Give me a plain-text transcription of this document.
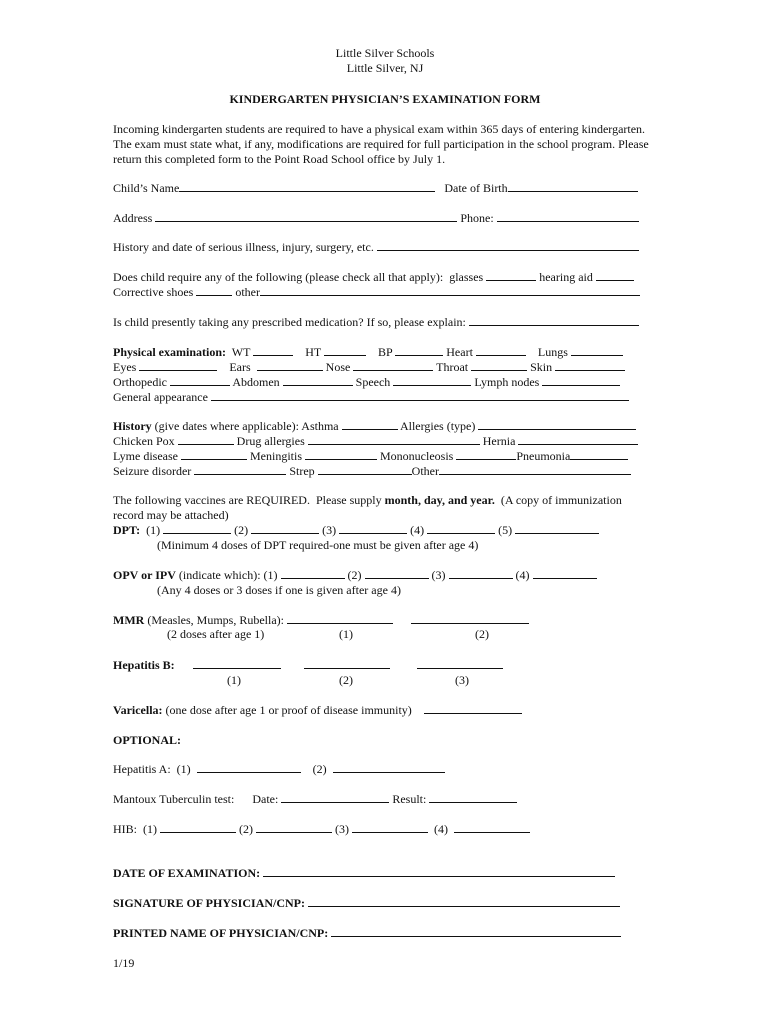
Little Silver Schools
Little Silver, NJ
KINDERGARTEN PHYSICIAN’S EXAMINATION FORM
Incoming kindergarten students are required to have a physical exam within 365 days of entering kindergarten. The exam must state what, if any, modifications are required for full participation in the school program. Please return this completed form to the Point Road School office by July 1.
Child’s Name	Date of Birth
Address	Phone:
History and date of serious illness, injury, surgery, etc.
Does child require any of the following (please check all that apply):  glasses	hearing aid
Corrective shoes	other
Is child presently taking any prescribed medication? If so, please explain:
Physical examination: WT	HT	BP	Heart	Lungs
Eyes	Ears	Nose	Throat	Skin
Orthopedic	Abdomen	Speech	Lymph nodes
General appearance
History (give dates where applicable): Asthma	Allergies (type)
Chicken Pox	Drug allergies	Hernia
Lyme disease	Meningitis	Mononucleosis	Pneumonia
Seizure disorder	Strep	Other
The following vaccines are REQUIRED.  Please supply month, day, and year.  (A copy of immunization
record may be attached)
DPT: (1)	(2)	(3)	(4)	(5)
(Minimum 4 doses of DPT required-one must be given after age 4)
OPV or IPV (indicate which): (1)	(2)	(3)	(4)
(Any 4 doses or 3 doses if one is given after age 4)
MMR (Measles, Mumps, Rubella):
(2 doses after age 1)	(1)	(2)
Hepatitis B:
(1)	(2)	(3)
Varicella: (one dose after age 1 or proof of disease immunity)
OPTIONAL:
Hepatitis A: (1)	(2)
Mantoux Tuberculin test: Date:	Result:
HIB: (1)	(2)	(3)	(4)
DATE OF EXAMINATION:
SIGNATURE OF PHYSICIAN/CNP:
PRINTED NAME OF PHYSICIAN/CNP:
1/19
